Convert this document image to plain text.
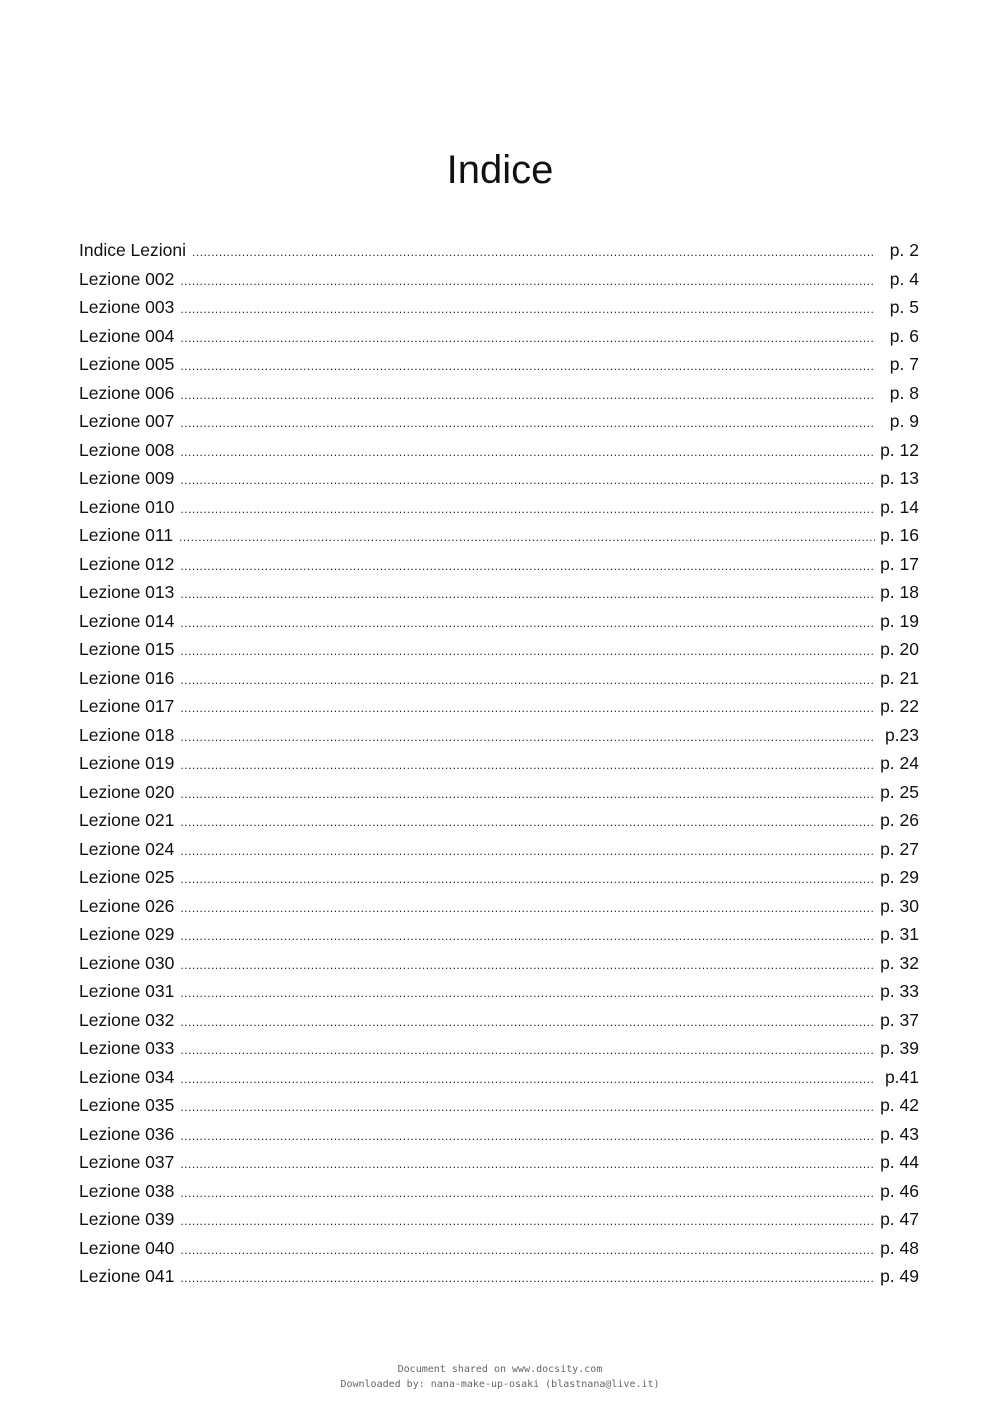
Indice
Indice Lezioni .....	p. 2
Lezione 002 .....	p. 4
Lezione 003 .....	p. 5
Lezione 004 .....	p. 6
Lezione 005 .....	p. 7
Lezione 006 .....	p. 8
Lezione 007 .....	p. 9
Lezione 008 .....	p. 12
Lezione 009 .....	p. 13
Lezione 010 .....	p. 14
Lezione 011 .....	p. 16
Lezione 012 .....	p. 17
Lezione 013 .....	p. 18
Lezione 014 .....	p. 19
Lezione 015 .....	p. 20
Lezione 016 .....	p. 21
Lezione 017 .....	p. 22
Lezione 018 .....	p.23
Lezione 019 .....	p. 24
Lezione 020 .....	p. 25
Lezione 021 .....	p. 26
Lezione 024 .....	p. 27
Lezione 025 .....	p. 29
Lezione 026 .....	p. 30
Lezione 029 .....	p. 31
Lezione 030 .....	p. 32
Lezione 031 .....	p. 33
Lezione 032 .....	p. 37
Lezione 033 .....	p. 39
Lezione 034 .....	p.41
Lezione 035 .....	p. 42
Lezione 036 .....	p. 43
Lezione 037 .....	p. 44
Lezione 038 .....	p. 46
Lezione 039 .....	p. 47
Lezione 040 .....	p. 48
Lezione 041 .....	p. 49
Document shared on www.docsity.com
Downloaded by: nana-make-up-osaki (blastnana@live.it)
